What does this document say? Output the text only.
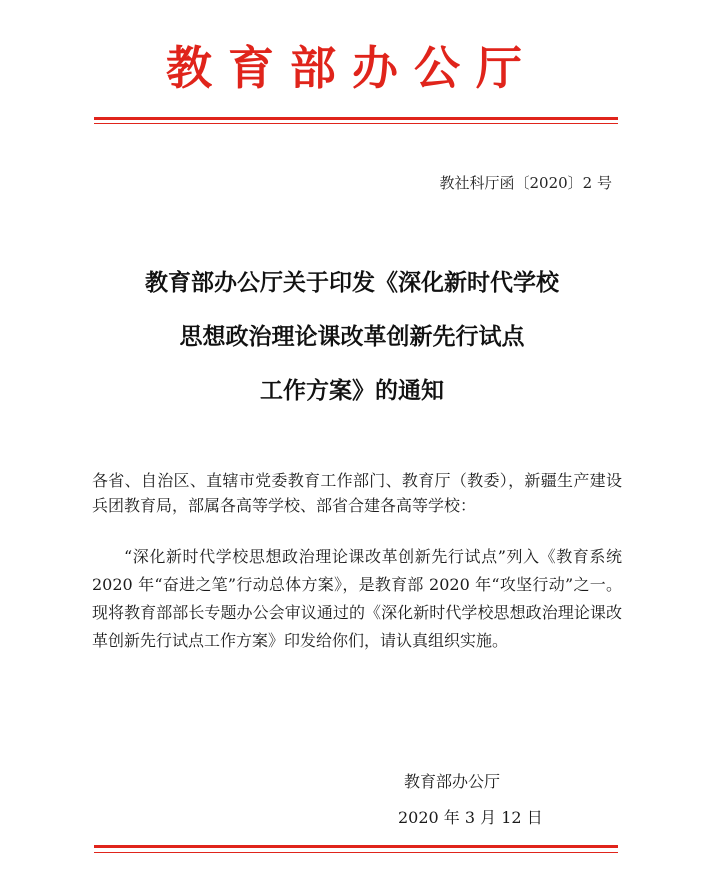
教育部办公厅
教社科厅函〔2020〕2 号
教育部办公厅关于印发《深化新时代学校
思想政治理论课改革创新先行试点
工作方案》的通知
各省、自治区、直辖市党委教育工作部门、教育厅（教委），新疆生产建设兵团教育局，部属各高等学校、部省合建各高等学校：
“深化新时代学校思想政治理论课改革创新先行试点”列入《教育系统 2020 年“奋进之笔”行动总体方案》，是教育部 2020 年“攻坚行动”之一。现将教育部部长专题办公会审议通过的《深化新时代学校思想政治理论课改革创新先行试点工作方案》印发给你们，请认真组织实施。
教育部办公厅
2020 年 3 月 12 日
